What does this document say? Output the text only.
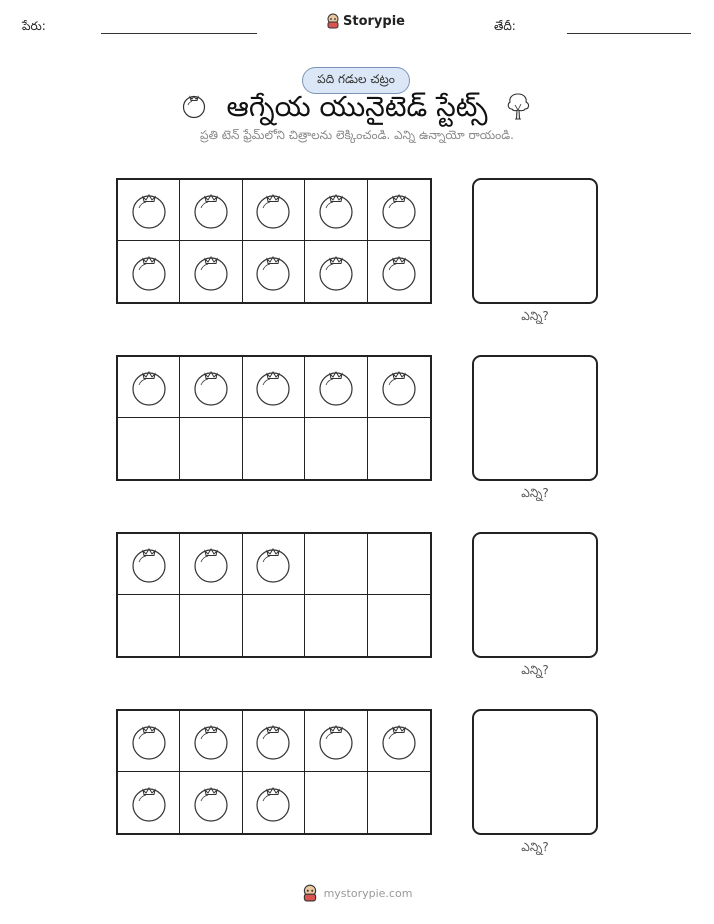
పేరు:	Storypie	తేదీ:
పది గడుల చట్రం
ఆగ్నేయ యునైటెడ్ స్టేట్స్
ప్రతి టెన్ ఫ్రేమ్‌లోని చిత్రాలను లెక్కించండి. ఎన్ని ఉన్నాయో రాయండి.
ఎన్ని?
ఎన్ని?
ఎన్ని?
ఎన్ని?
mystorypie.com
